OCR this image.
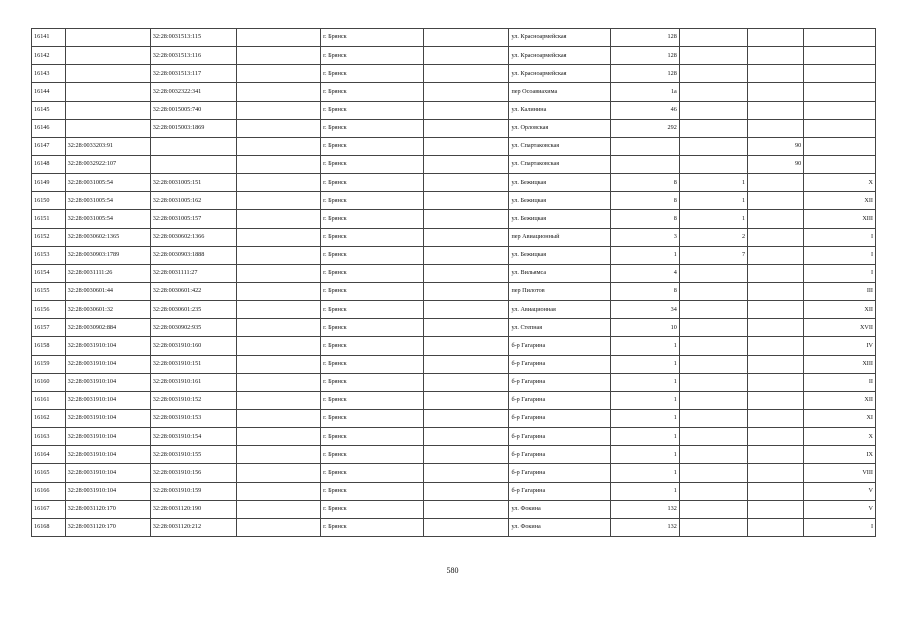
16141		32:28:0031513:115		г. Брянск		ул. Красноармейская	128			
16142		32:28:0031513:116		г. Брянск		ул. Красноармейская	128			
16143		32:28:0031513:117		г. Брянск		ул. Красноармейская	128			
16144		32:28:0032322:341		г. Брянск		пер Осоавиахима	1а			
16145		32:28:0015005:740		г. Брянск		ул. Калинина	46			
16146		32:28:0015003:1869		г. Брянск		ул. Орловская	292			
16147	32:28:0033203:91			г. Брянск		ул. Спартаковская			90	
16148	32:28:0032922:107			г. Брянск		ул. Спартаковская			90	
16149	32:28:0031005:54	32:28:0031005:151		г. Брянск		ул. Бежицкая	8	1		X
16150	32:28:0031005:54	32:28:0031005:162		г. Брянск		ул. Бежицкая	8	1		XII
16151	32:28:0031005:54	32:28:0031005:157		г. Брянск		ул. Бежицкая	8	1		XIII
16152	32:28:0030602:1365	32:28:0030602:1366		г. Брянск		пер Авиационный	3	2		I
16153	32:28:0030903:1789	32:28:0030903:1888		г. Брянск		ул. Бежицкая	1	7		I
16154	32:28:0031111:26	32:28:0031111:27		г. Брянск		ул. Вильямса	4			I
16155	32:28:0030601:44	32:28:0030601:422		г. Брянск		пер Пилотов	8			III
16156	32:28:0030601:32	32:28:0030601:235		г. Брянск		ул. Авиационная	34			XII
16157	32:28:0030902:884	32:28:0030902:935		г. Брянск		ул. Степная	10			XVII
16158	32:28:0031910:104	32:28:0031910:160		г. Брянск		б-р Гагарина	1			IV
16159	32:28:0031910:104	32:28:0031910:151		г. Брянск		б-р Гагарина	1			XIII
16160	32:28:0031910:104	32:28:0031910:161		г. Брянск		б-р Гагарина	1			II
16161	32:28:0031910:104	32:28:0031910:152		г. Брянск		б-р Гагарина	1			XII
16162	32:28:0031910:104	32:28:0031910:153		г. Брянск		б-р Гагарина	1			XI
16163	32:28:0031910:104	32:28:0031910:154		г. Брянск		б-р Гагарина	1			X
16164	32:28:0031910:104	32:28:0031910:155		г. Брянск		б-р Гагарина	1			IX
16165	32:28:0031910:104	32:28:0031910:156		г. Брянск		б-р Гагарина	1			VIII
16166	32:28:0031910:104	32:28:0031910:159		г. Брянск		б-р Гагарина	1			V
16167	32:28:0031120:170	32:28:0031120:190		г. Брянск		ул. Фокина	132			V
16168	32:28:0031120:170	32:28:0031120:212		г. Брянск		ул. Фокина	132			I
580
